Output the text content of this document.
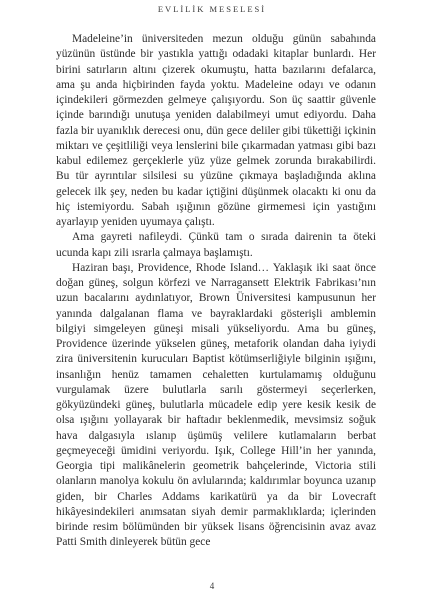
EVLİLİK MESELESİ

Madeleine’in üniversiteden mezun olduğu günün sabahında yüzünün üstünde bir yastıkla yattığı odadaki kitaplar bunlardı. Her birini satırların altını çizerek okumuştu, hatta bazılarını defalarca, ama şu anda hiçbirinden fayda yoktu. Madeleine odayı ve odanın içindekileri görmezden gelmeye çalışıyordu. Son üç saattir güvenle içinde barındığı unutuşa yeniden dalabilmeyi umut ediyordu. Daha fazla bir uyanıklık derecesi onu, dün gece deliler gibi tükettiği içkinin miktarı ve çeşitliliği veya lenslerini bile çıkarmadan yatması gibi bazı kabul edilemez gerçeklerle yüz yüze gelmek zorunda bırakabilirdi. Bu tür ayrıntılar silsilesi su yüzüne çıkmaya başladığında aklına gelecek ilk şey, neden bu kadar içtiğini düşünmek olacaktı ki onu da hiç istemiyordu. Sabah ışığının gözüne girmemesi için yastığını ayarlayıp yeniden uyumaya çalıştı.

Ama gayreti nafileydi. Çünkü tam o sırada dairenin ta öteki ucunda kapı zili ısrarla çalmaya başlamıştı.

Haziran başı, Providence, Rhode Island… Yaklaşık iki saat önce doğan güneş, solgun körfezi ve Narragansett Elektrik Fabrikası’nın uzun bacalarını aydınlatıyor, Brown Üniversitesi kampusunun her yanında dalgalanan flama ve bayraklardaki gösterişli amblemin bilgiyi simgeleyen güneşi misali yükseliyordu. Ama bu güneş, Providence üzerinde yükselen güneş, metaforik olandan daha iyiydi zira üniversitenin kurucuları Baptist kötümserliğiyle bilginin ışığını, insanlığın henüz tamamen cehaletten kurtulamamış olduğunu vurgulamak üzere bulutlarla sarılı göstermeyi seçerlerken, gökyüzündeki güneş, bulutlarla mücadele edip yere kesik kesik de olsa ışığını yollayarak bir haftadır beklenmedik, mevsimsiz soğuk hava dalgasıyla ıslanıp üşümüş velilere kutlamaların berbat geçmeyeceği ümidini veriyordu. Işık, College Hill’in her yanında, Georgia tipi malikânelerin geometrik bahçelerinde, Victoria stili olanların manolya kokulu ön avlularında; kaldırımlar boyunca uzanıp giden, bir Charles Addams karikatürü ya da bir Lovecraft hikâyesindekileri anımsatan siyah demir parmaklıklarda; içlerinden birinde resim bölümünden bir yüksek lisans öğrencisinin avaz avaz Patti Smith dinleyerek bütün gece

4
